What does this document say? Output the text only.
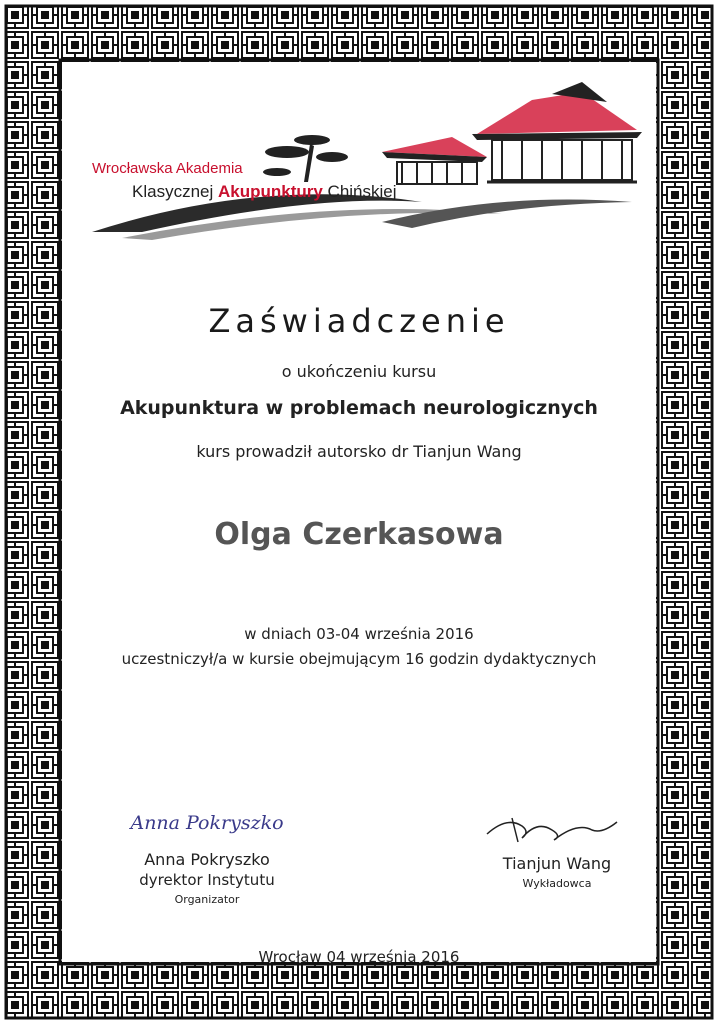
Wrocławska Akademia
Klasycznej Akupunktury Chińskiej
Zaświadczenie
o ukończeniu kursu
Akupunktura w problemach neurologicznych
kurs prowadził autorsko dr Tianjun Wang
Olga Czerkasowa
w dniach 03-04 września 2016
uczestniczył/a w kursie obejmującym 16 godzin dydaktycznych
Anna Pokryszko
Anna Pokryszko
dyrektor Instytutu
Organizator
Tianjun Wang
Wykładowca
Wrocław 04 września 2016
